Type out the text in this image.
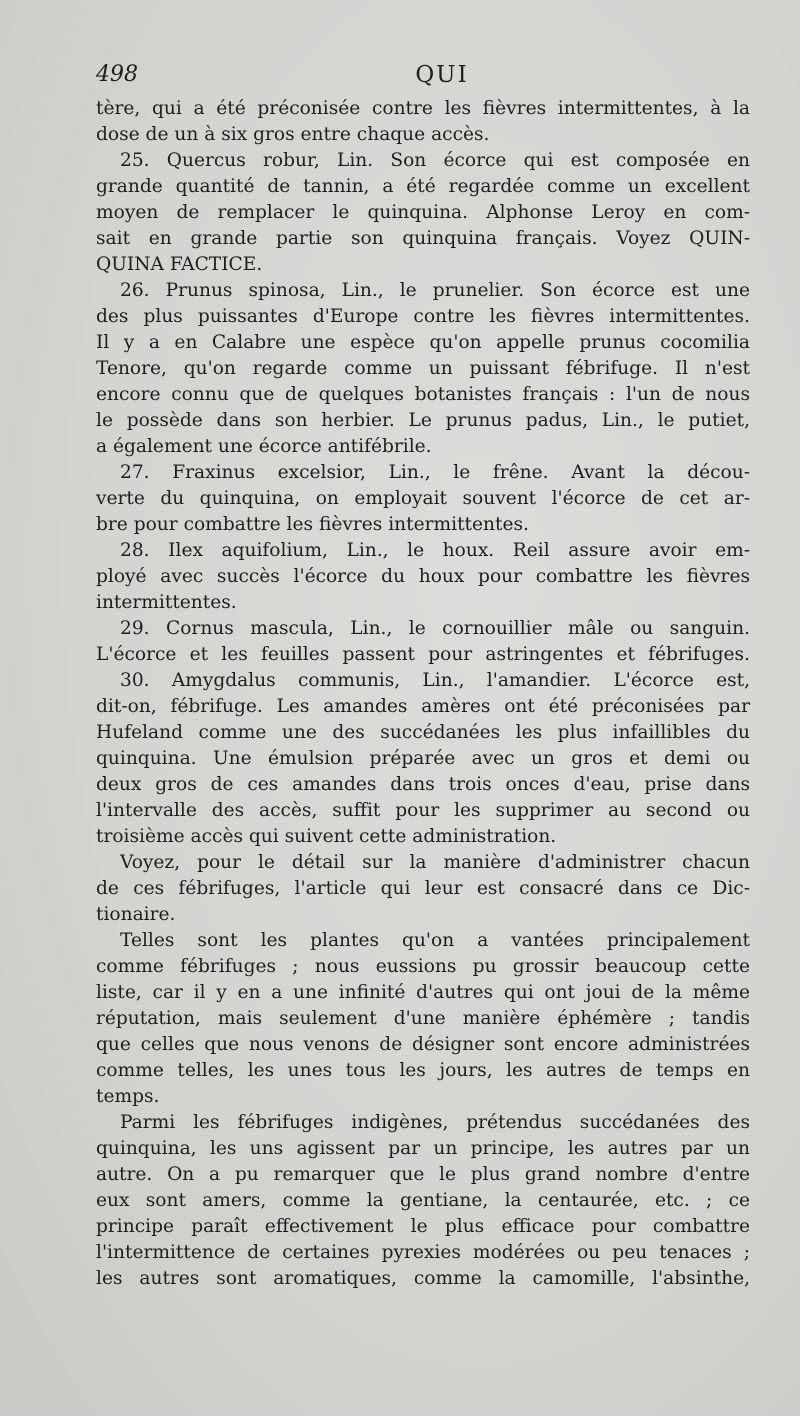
498	QUI
tère, qui a été préconisée contre les fièvres intermittentes, à la
dose de un à six gros entre chaque accès.
25. Quercus robur, Lin. Son écorce qui est composée en
grande quantité de tannin, a été regardée comme un excellent
moyen de remplacer le quinquina. Alphonse Leroy en com-
sait en grande partie son quinquina français. Voyez QUIN-
QUINA FACTICE.
26. Prunus spinosa, Lin., le prunelier. Son écorce est une
des plus puissantes d'Europe contre les fièvres intermittentes.
Il y a en Calabre une espèce qu'on appelle prunus cocomilia
Tenore, qu'on regarde comme un puissant fébrifuge. Il n'est
encore connu que de quelques botanistes français : l'un de nous
le possède dans son herbier. Le prunus padus, Lin., le putiet,
a également une écorce antifébrile.
27. Fraxinus excelsior, Lin., le frêne. Avant la décou-
verte du quinquina, on employait souvent l'écorce de cet ar-
bre pour combattre les fièvres intermittentes.
28. Ilex aquifolium, Lin., le houx. Reil assure avoir em-
ployé avec succès l'écorce du houx pour combattre les fièvres
intermittentes.
29. Cornus mascula, Lin., le cornouillier mâle ou sanguin.
L'écorce et les feuilles passent pour astringentes et fébrifuges.
30. Amygdalus communis, Lin., l'amandier. L'écorce est,
dit-on, fébrifuge. Les amandes amères ont été préconisées par
Hufeland comme une des succédanées les plus infaillibles du
quinquina. Une émulsion préparée avec un gros et demi ou
deux gros de ces amandes dans trois onces d'eau, prise dans
l'intervalle des accès, suffit pour les supprimer au second ou
troisième accès qui suivent cette administration.
Voyez, pour le détail sur la manière d'administrer chacun
de ces fébrifuges, l'article qui leur est consacré dans ce Dic-
tionaire.
Telles sont les plantes qu'on a vantées principalement
comme fébrifuges ; nous eussions pu grossir beaucoup cette
liste, car il y en a une infinité d'autres qui ont joui de la même
réputation, mais seulement d'une manière éphémère ; tandis
que celles que nous venons de désigner sont encore administrées
comme telles, les unes tous les jours, les autres de temps en
temps.
Parmi les fébrifuges indigènes, prétendus succédanées des
quinquina, les uns agissent par un principe, les autres par un
autre. On a pu remarquer que le plus grand nombre d'entre
eux sont amers, comme la gentiane, la centaurée, etc. ; ce
principe paraît effectivement le plus efficace pour combattre
l'intermittence de certaines pyrexies modérées ou peu tenaces ;
les autres sont aromatiques, comme la camomille, l'absinthe,
